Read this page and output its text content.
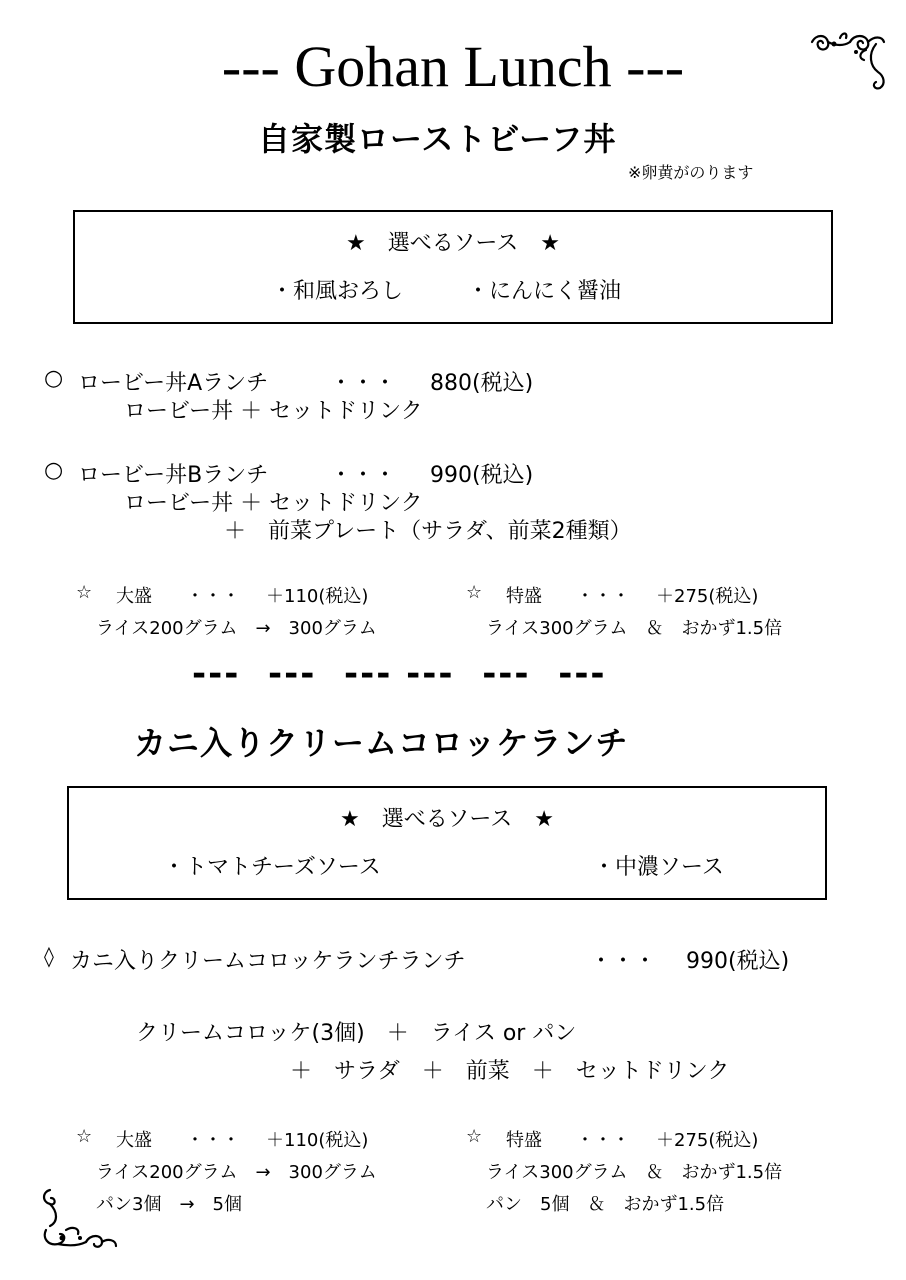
--- Gohan Lunch ---
自家製ローストビーフ丼
※卵黄がのります
★　選べるソース　★
・和風おろし	・にんにく醤油
○ ロービー丼Aランチ	・・・ 880(税込)
ロービー丼 ＋ セットドリンク
○ ロービー丼Bランチ	・・・ 990(税込)
ロービー丼 ＋ セットドリンク
＋　前菜プレート（サラダ、前菜2種類）
☆ 大盛 ・・・ ＋110(税込)
ライス200グラム　→　300グラム
☆ 特盛 ・・・ ＋275(税込)
ライス300グラム　＆　おかず1.5倍
---  ---  --- ---  ---  ---
カニ入りクリームコロッケランチ
★　選べるソース　★
・トマトチーズソース	・中濃ソース
◊ カニ入りクリームコロッケランチランチ	・・・ 990(税込)
クリームコロッケ(3個)　＋　ライス or パン
＋　サラダ　＋　前菜　＋　セットドリンク
☆ 大盛 ・・・ ＋110(税込)
ライス200グラム　→　300グラム
パン3個　→　5個
☆ 特盛 ・・・ ＋275(税込)
ライス300グラム　＆　おかず1.5倍
パン　5個　＆　おかず1.5倍
